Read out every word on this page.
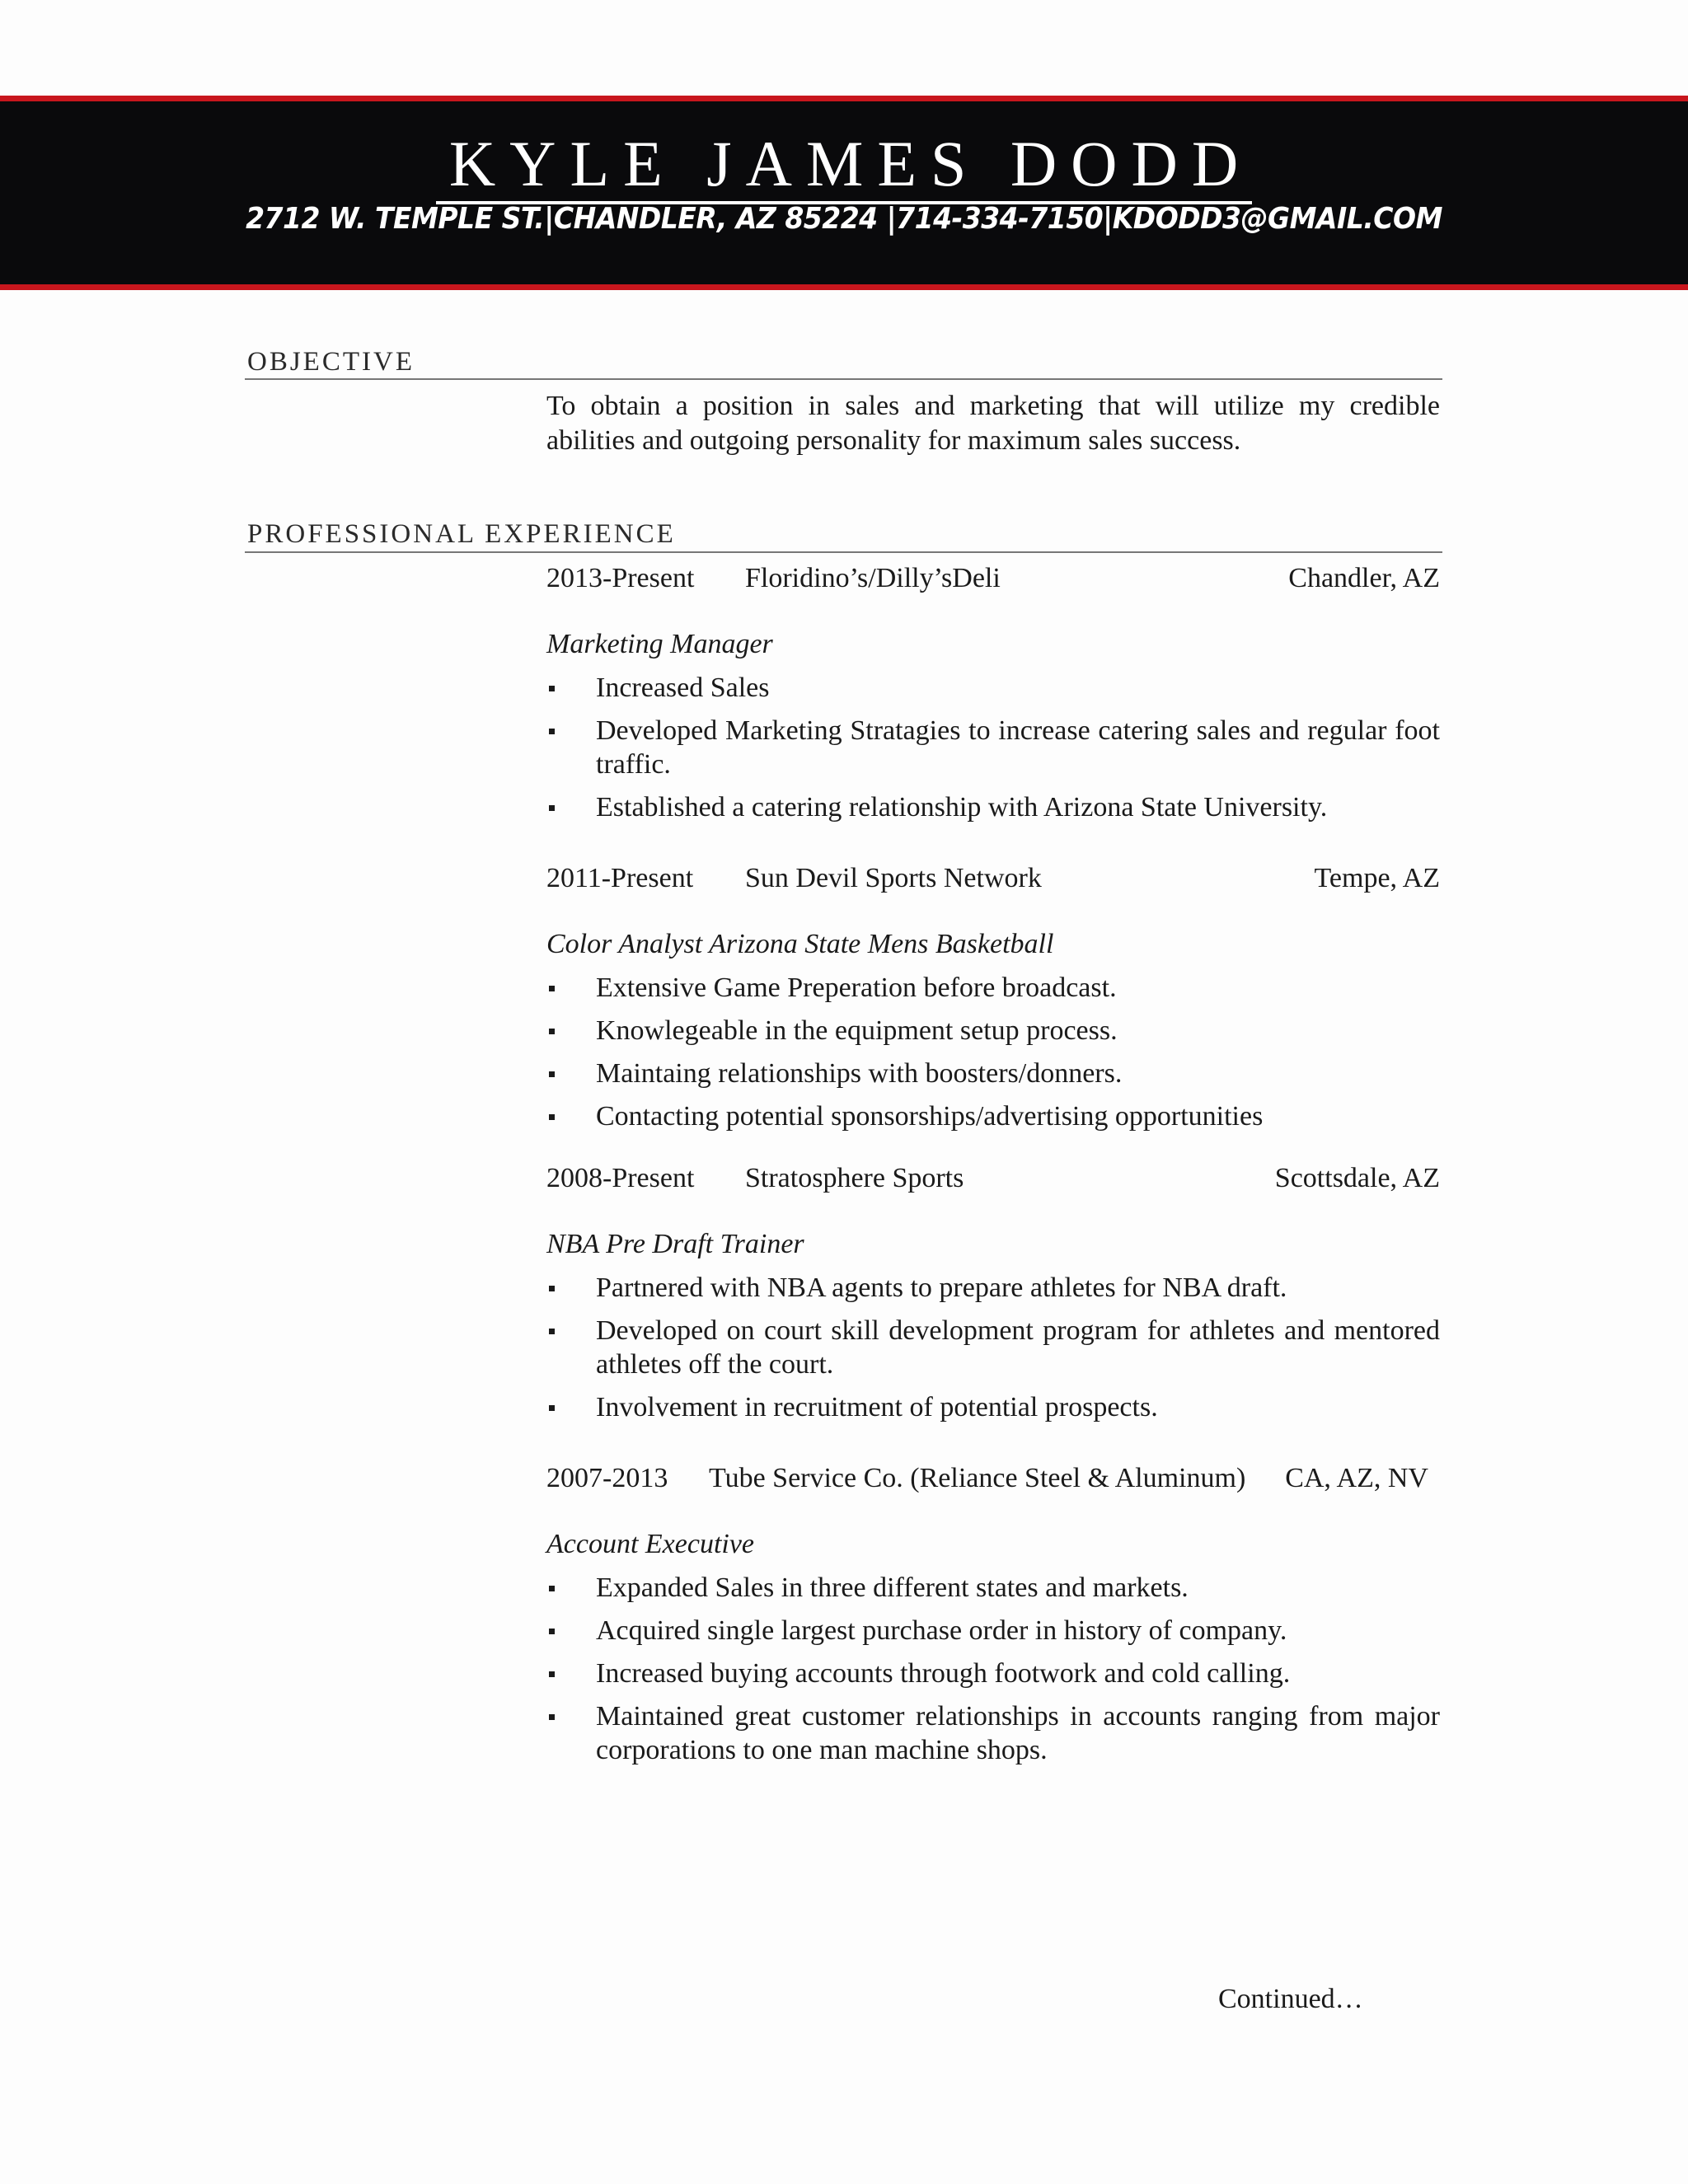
KYLE JAMES DODD
2712 W. TEMPLE ST.|CHANDLER, AZ 85224 |714-334-7150|KDODD3@GMAIL.COM
OBJECTIVE
To obtain a position in sales and marketing that will utilize my credible abilities and outgoing personality for maximum sales success.
PROFESSIONAL EXPERIENCE
2013-Present Floridino’s/Dilly’sDeli	Chandler, AZ
Marketing Manager
Increased Sales
Developed Marketing Stratagies to increase catering sales and regular foot traffic.
Established a catering relationship with Arizona State University.
2011-Present Sun Devil Sports Network	Tempe, AZ
Color Analyst Arizona State Mens Basketball
Extensive Game Preperation before broadcast.
Knowlegeable in the equipment setup process.
Maintaing relationships with boosters/donners.
Contacting potential sponsorships/advertising opportunities
2008-Present Stratosphere Sports	Scottsdale, AZ
NBA Pre Draft Trainer
Partnered with NBA agents to prepare athletes for NBA draft.
Developed on court skill development program for athletes and mentored athletes off the court.
Involvement in recruitment of potential prospects.
2007-2013 Tube Service Co. (Reliance Steel & Aluminum) CA, AZ, NV
Account Executive
Expanded Sales in three different states and markets.
Acquired single largest purchase order in history of company.
Increased buying accounts through footwork and cold calling.
Maintained great customer relationships in accounts ranging from major corporations to one man machine shops.
Continued…
